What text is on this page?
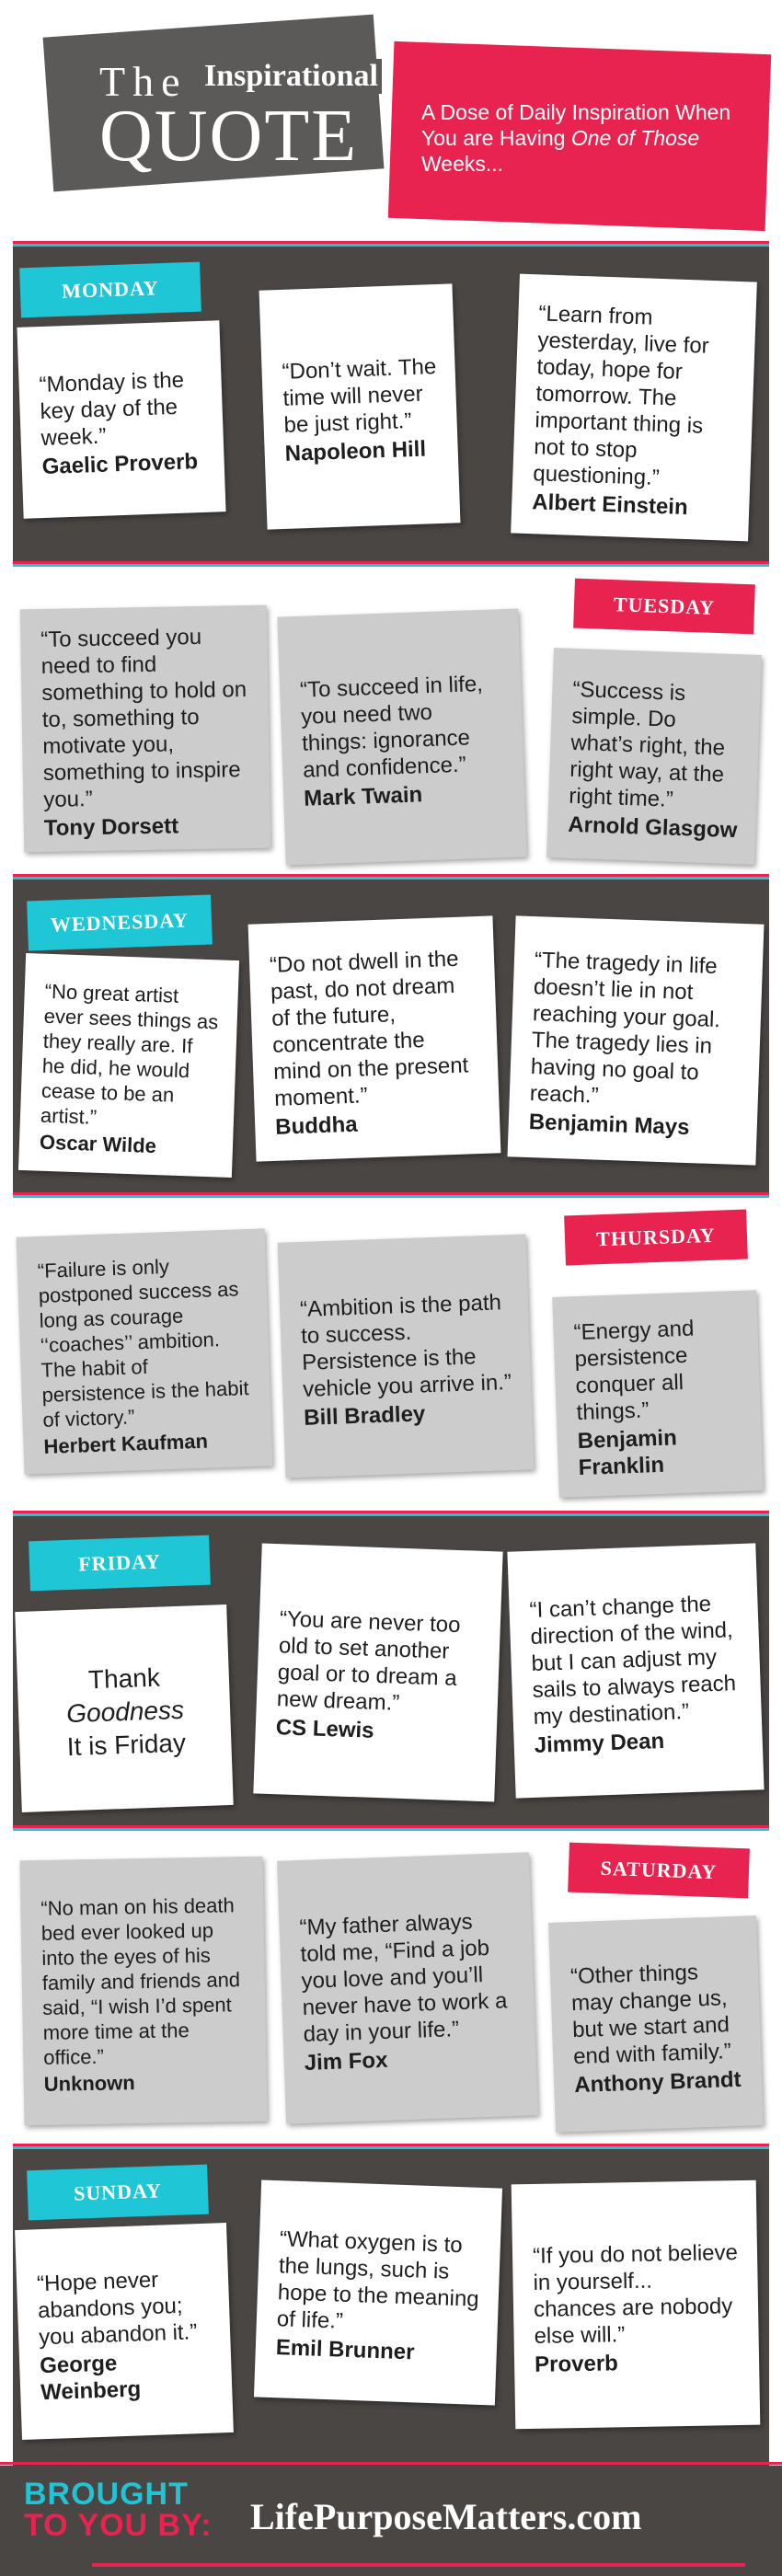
The Inspirational
QUOTE	A Dose of Daily Inspiration When You are Having One of Those Weeks...
MONDAY
“Monday is the key day of the week.”
Gaelic Proverb
“Don’t wait. The time will never be just right.”
Napoleon Hill
“Learn from yesterday, live for today, hope for tomorrow. The important thing is not to stop questioning.”
Albert Einstein
TUESDAY
“To succeed you need to find something to hold on to, something to motivate you, something to inspire you.”
Tony Dorsett
“To succeed in life, you need two things: ignorance and confidence.”
Mark Twain
“Success is simple. Do what’s right, the right way, at the right time.”
Arnold Glasgow
WEDNESDAY
“No great artist ever sees things as they really are. If he did, he would cease to be an artist.”
Oscar Wilde
“Do not dwell in the past, do not dream of the future, concentrate the mind on the present moment.”
Buddha
“The tragedy in life doesn’t lie in not reaching your goal. The tragedy lies in having no goal to reach.”
Benjamin Mays
THURSDAY
“Failure is only postponed success as long as courage ‘‘coaches’’ ambition. The habit of persistence is the habit of victory.”
Herbert Kaufman
“Ambition is the path to success. Persistence is the vehicle you arrive in.”
Bill Bradley
“Energy and persistence conquer all things.”
Benjamin Franklin
FRIDAY
Thank
Goodness
It is Friday
“You are never too old to set another goal or to dream a new dream.”
CS Lewis
“I can’t change the direction of the wind, but I can adjust my sails to always reach my destination.”
Jimmy Dean
SATURDAY
“No man on his death bed ever looked up into the eyes of his family and friends and said, “I wish I’d spent more time at the office.”
Unknown
“My father always told me, “Find a job you love and you’ll never have to work a day in your life.”
Jim Fox
“Other things may change us, but we start and end with family.”
Anthony Brandt
SUNDAY
“Hope never abandons you; you abandon it.”
George Weinberg
“What oxygen is to the lungs, such is hope to the meaning of life.”
Emil Brunner
“If you do not believe in yourself... chances are nobody else will.”
Proverb
BROUGHT
TO YOU BY: LifePurposeMatters.com
